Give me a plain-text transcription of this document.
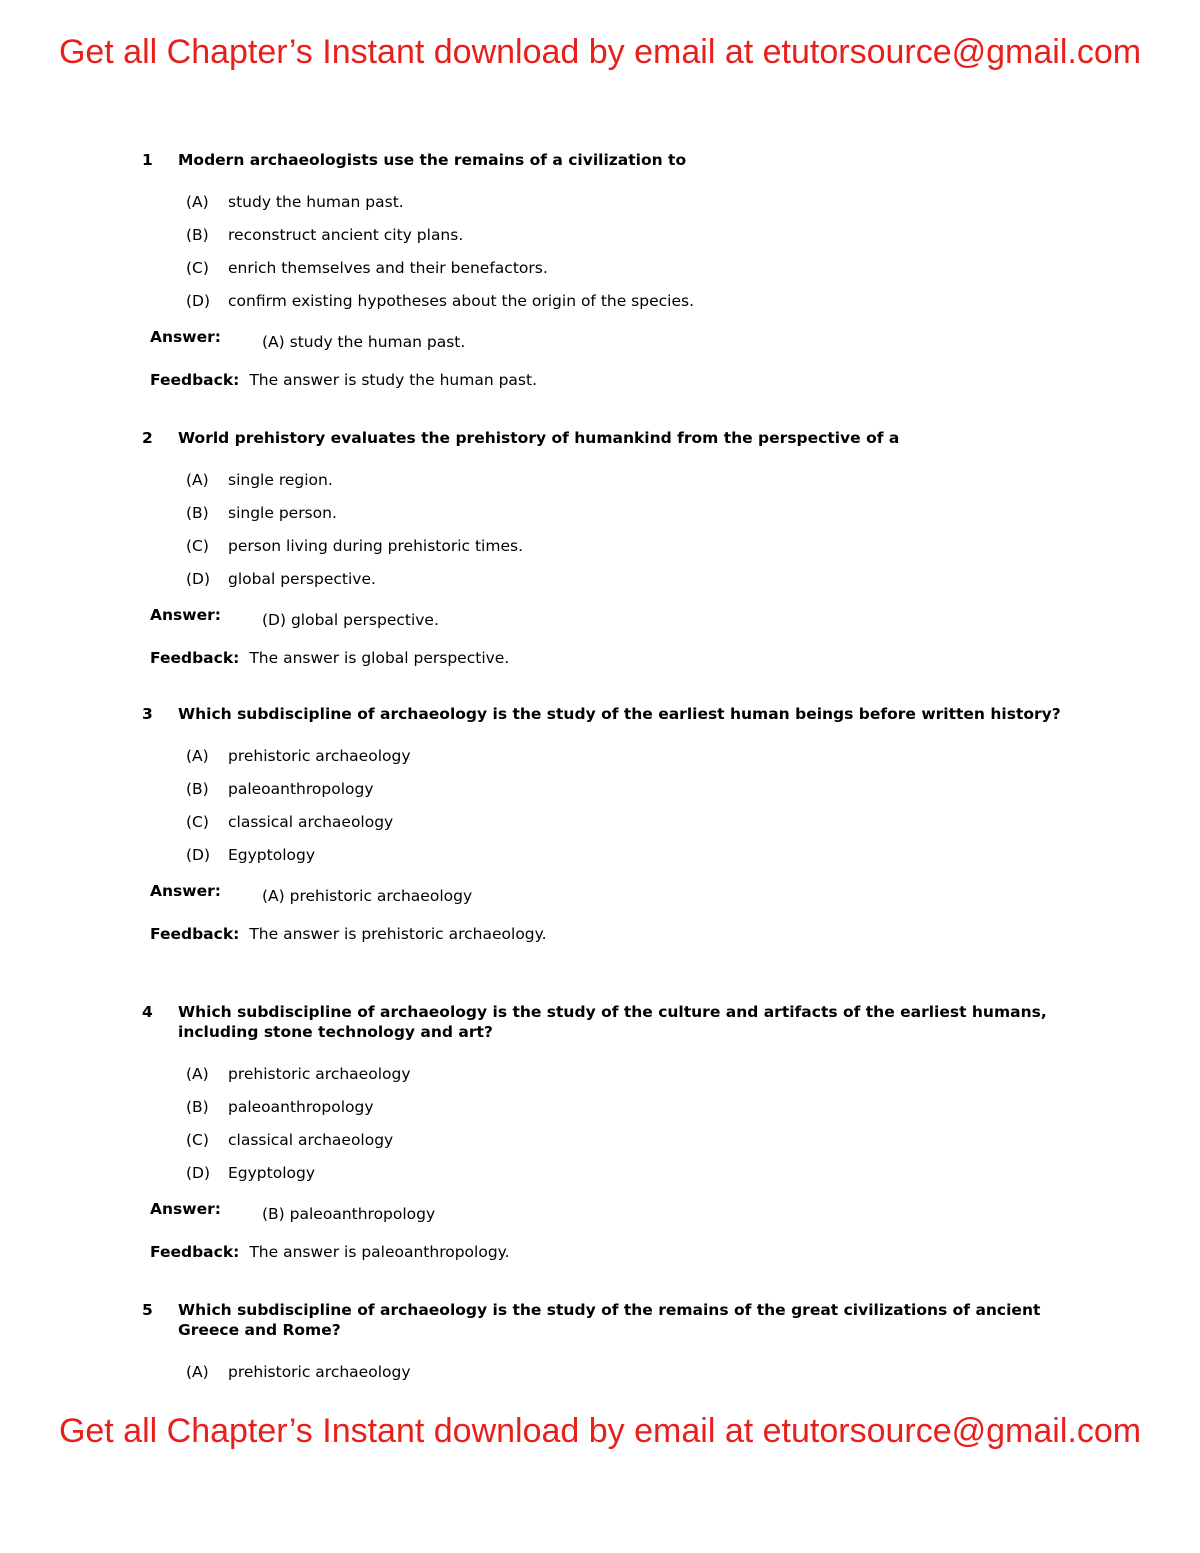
Get all Chapter’s Instant download by email at etutorsource@gmail.com
1 Modern archaeologists use the remains of a civilization to
(A) study the human past.
(B) reconstruct ancient city plans.
(C) enrich themselves and their benefactors.
(D) confirm existing hypotheses about the origin of the species.
Answer:	(A) study the human past.
Feedback: The answer is study the human past.
2 World prehistory evaluates the prehistory of humankind from the perspective of a
(A) single region.
(B) single person.
(C) person living during prehistoric times.
(D) global perspective.
Answer:	(D) global perspective.
Feedback: The answer is global perspective.
3 Which subdiscipline of archaeology is the study of the earliest human beings before written history?
(A) prehistoric archaeology
(B) paleoanthropology
(C) classical archaeology
(D) Egyptology
Answer:	(A) prehistoric archaeology
Feedback: The answer is prehistoric archaeology.
4 Which subdiscipline of archaeology is the study of the culture and artifacts of the earliest humans, including stone technology and art?
(A) prehistoric archaeology
(B) paleoanthropology
(C) classical archaeology
(D) Egyptology
Answer:	(B) paleoanthropology
Feedback: The answer is paleoanthropology.
5 Which subdiscipline of archaeology is the study of the remains of the great civilizations of ancient Greece and Rome?
(A) prehistoric archaeology
Get all Chapter’s Instant download by email at etutorsource@gmail.com
